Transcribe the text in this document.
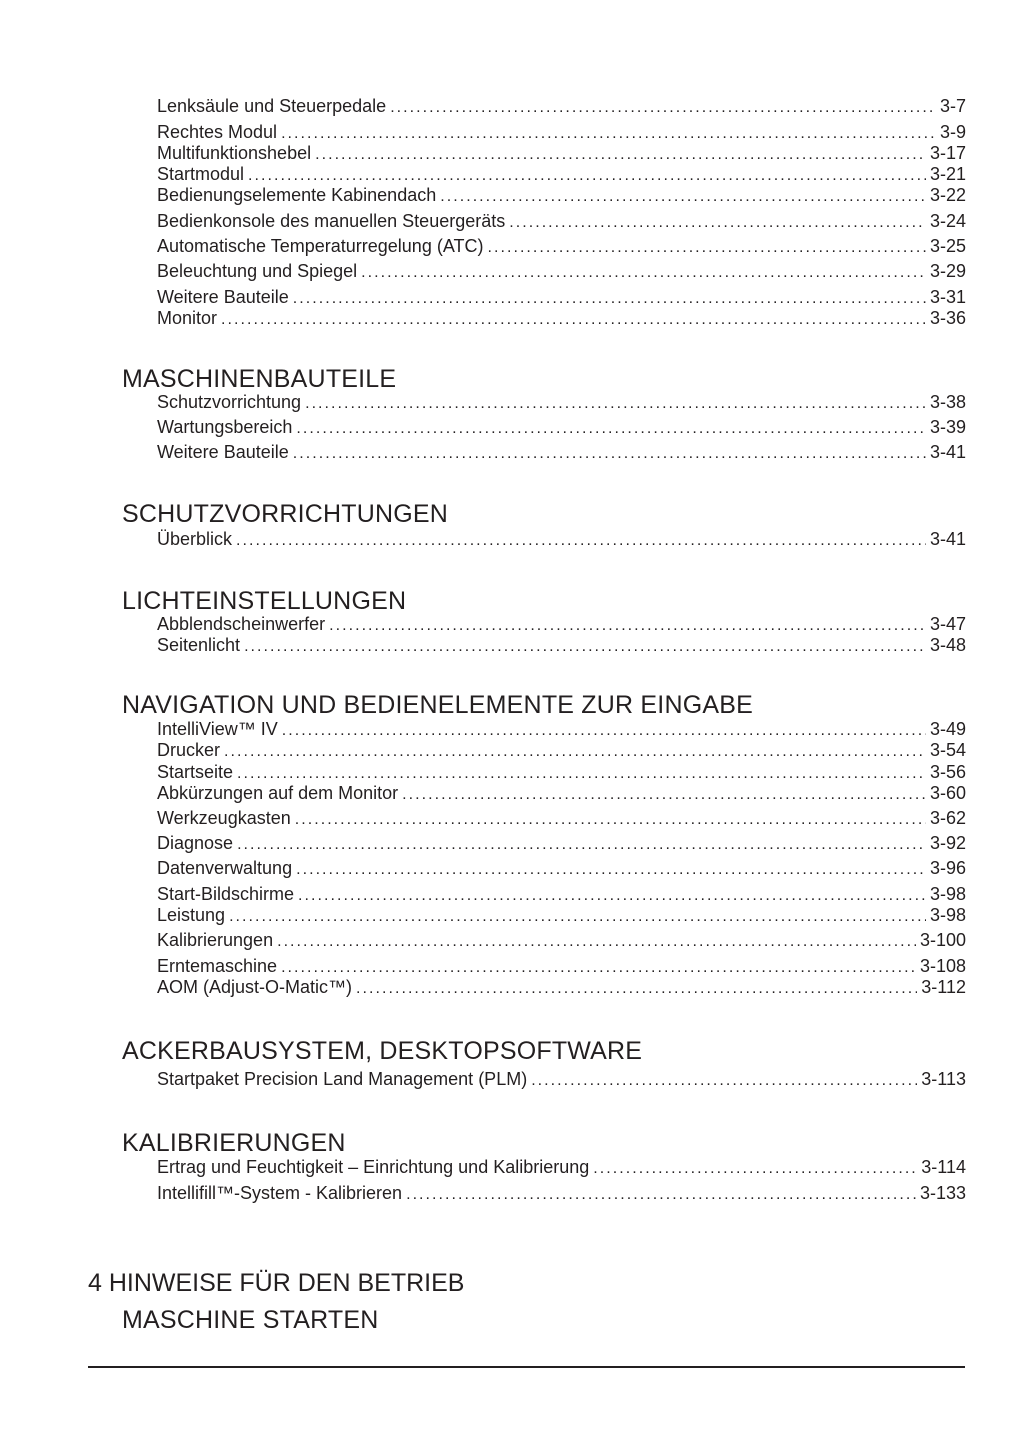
Lenksäule und Steuerpedale . . .	3-7
Rechtes Modul . . .	3-9
Multifunktionshebel . . .	3-17
Startmodul . . .	3-21
Bedienungselemente Kabinendach . . .	3-22
Bedienkonsole des manuellen Steuergeräts . . .	3-24
Automatische Temperaturregelung (ATC) . . .	3-25
Beleuchtung und Spiegel . . .	3-29
Weitere Bauteile . . .	3-31
Monitor . . .	3-36
MASCHINENBAUTEILE
Schutzvorrichtung . . .	3-38
Wartungsbereich . . .	3-39
Weitere Bauteile . . .	3-41
SCHUTZVORRICHTUNGEN
Überblick . . .	3-41
LICHTEINSTELLUNGEN
Abblendscheinwerfer . . .	3-47
Seitenlicht . . .	3-48
NAVIGATION UND BEDIENELEMENTE ZUR EINGABE
IntelliView™ IV . . .	3-49
Drucker . . .	3-54
Startseite . . .	3-56
Abkürzungen auf dem Monitor . . .	3-60
Werkzeugkasten . . .	3-62
Diagnose . . .	3-92
Datenverwaltung . . .	3-96
Start-Bildschirme . . .	3-98
Leistung . . .	3-98
Kalibrierungen . . .	3-100
Erntemaschine . . .	3-108
AOM (Adjust-O-Matic™) . . .	3-112
ACKERBAUSYSTEM, DESKTOPSOFTWARE
Startpaket Precision Land Management (PLM) . . .	3-113
KALIBRIERUNGEN
Ertrag und Feuchtigkeit – Einrichtung und Kalibrierung . . .	3-114
Intellifill™-System - Kalibrieren . . .	3-133
4 HINWEISE FÜR DEN BETRIEB
MASCHINE STARTEN
